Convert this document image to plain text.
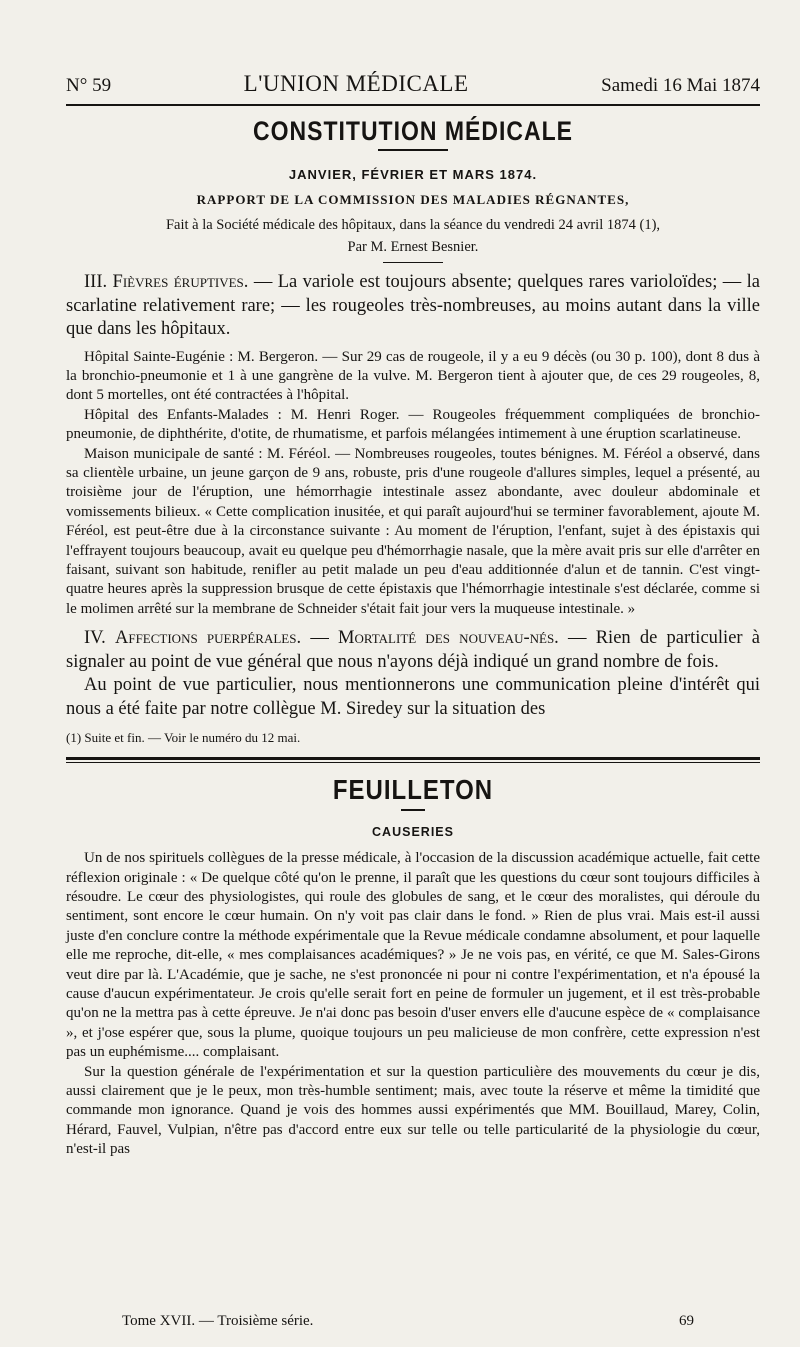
N° 59	L'UNION MÉDICALE	Samedi 16 Mai 1874
CONSTITUTION MÉDICALE
JANVIER, FÉVRIER ET MARS 1874.
RAPPORT DE LA COMMISSION DES MALADIES RÉGNANTES,
Fait à la Société médicale des hôpitaux, dans la séance du vendredi 24 avril 1874 (1),
Par M. Ernest Besnier.

III. Fièvres éruptives. — La variole est toujours absente; quelques rares varioloïdes; — la scarlatine relativement rare; — les rougeoles très-nombreuses, au moins autant dans la ville que dans les hôpitaux.

Hôpital Sainte-Eugénie : M. Bergeron. — Sur 29 cas de rougeole, il y a eu 9 décès (ou 30 p. 100), dont 8 dus à la bronchio-pneumonie et 1 à une gangrène de la vulve. M. Bergeron tient à ajouter que, de ces 29 rougeoles, 8, dont 5 mortelles, ont été contractées à l'hôpital.

Hôpital des Enfants-Malades : M. Henri Roger. — Rougeoles fréquemment compliquées de bronchio-pneumonie, de diphthérite, d'otite, de rhumatisme, et parfois mélangées intimement à une éruption scarlatineuse.

Maison municipale de santé : M. Féréol. — Nombreuses rougeoles, toutes bénignes. M. Féréol a observé, dans sa clientèle urbaine, un jeune garçon de 9 ans, robuste, pris d'une rougeole d'allures simples, lequel a présenté, au troisième jour de l'éruption, une hémorrhagie intestinale assez abondante, avec douleur abdominale et vomissements bilieux. « Cette complication inusitée, et qui paraît aujourd'hui se terminer favorablement, ajoute M. Féréol, est peut-être due à la circonstance suivante : Au moment de l'éruption, l'enfant, sujet à des épistaxis qui l'effrayent toujours beaucoup, avait eu quelque peu d'hémorrhagie nasale, que la mère avait pris sur elle d'arrêter en faisant, suivant son habitude, renifler au petit malade un peu d'eau additionnée d'alun et de tannin. C'est vingt-quatre heures après la suppression brusque de cette épistaxis que l'hémorrhagie intestinale s'est déclarée, comme si le molimen arrêté sur la membrane de Schneider s'était fait jour vers la muqueuse intestinale. »

IV. Affections puerpérales. — Mortalité des nouveau-nés. — Rien de particulier à signaler au point de vue général que nous n'ayons déjà indiqué un grand nombre de fois.

Au point de vue particulier, nous mentionnerons une communication pleine d'intérêt qui nous a été faite par notre collègue M. Siredey sur la situation des

(1) Suite et fin. — Voir le numéro du 12 mai.
FEUILLETON
CAUSERIES

Un de nos spirituels collègues de la presse médicale, à l'occasion de la discussion académique actuelle, fait cette réflexion originale : « De quelque côté qu'on le prenne, il paraît que les questions du cœur sont toujours difficiles à résoudre. Le cœur des physiologistes, qui roule des globules de sang, et le cœur des moralistes, qui déroule du sentiment, sont encore le cœur humain. On n'y voit pas clair dans le fond. » Rien de plus vrai. Mais est-il aussi juste d'en conclure contre la méthode expérimentale que la Revue médicale condamne absolument, et pour laquelle elle me reproche, dit-elle, « mes complaisances académiques? » Je ne vois pas, en vérité, ce que M. Sales-Girons veut dire par là. L'Académie, que je sache, ne s'est prononcée ni pour ni contre l'expérimentation, et n'a épousé la cause d'aucun expérimentateur. Je crois qu'elle serait fort en peine de formuler un jugement, et il est très-probable qu'on ne la mettra pas à cette épreuve. Je n'ai donc pas besoin d'user envers elle d'aucune espèce de « complaisance », et j'ose espérer que, sous la plume, quoique toujours un peu malicieuse de mon confrère, cette expression n'est pas un euphémisme.... complaisant.

Sur la question générale de l'expérimentation et sur la question particulière des mouvements du cœur je dis, aussi clairement que je le peux, mon très-humble sentiment; mais, avec toute la réserve et même la timidité que commande mon ignorance. Quand je vois des hommes aussi expérimentés que MM. Bouillaud, Marey, Colin, Hérard, Fauvel, Vulpian, n'être pas d'accord entre eux sur telle ou telle particularité de la physiologie du cœur, n'est-il pas

Tome XVII. — Troisième série.	69
